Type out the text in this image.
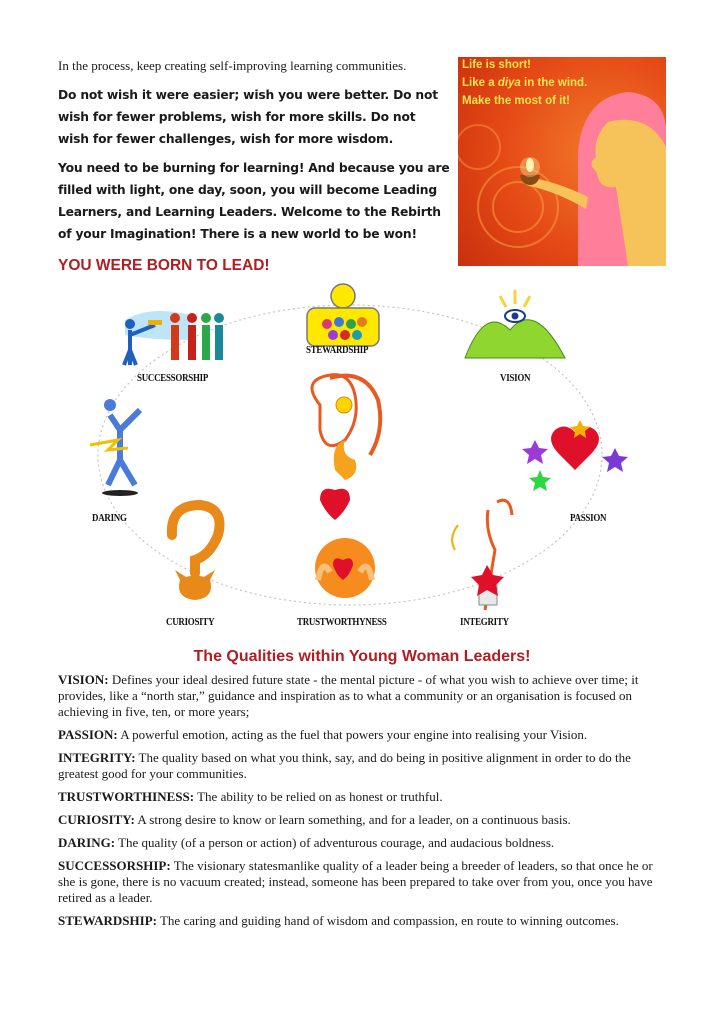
In the process, keep creating self-improving learning communities.
Do not wish it were easier; wish you were better. Do not wish for fewer problems, wish for more skills. Do not wish for fewer challenges, wish for more wisdom.
You need to be burning for learning! And because you are filled with light, one day, soon, you will become Leading Learners, and Learning Leaders. Welcome to the Rebirth of your Imagination! There is a new world to be won!
Life is short!
Like a diya in the wind.
Make the most of it!
YOU WERE BORN TO LEAD!
STEWARDSHIP
SUCCESSORSHIP	VISION
DARING	PASSION
CURIOSITY	TRUSTWORTHYNESS	INTEGRITY
The Qualities within Young Woman Leaders!

VISION: Defines your ideal desired future state - the mental picture - of what you wish to achieve over time; it provides, like a “north star,” guidance and inspiration as to what a community or an organisation is focused on achieving in five, ten, or more years;

PASSION: A powerful emotion, acting as the fuel that powers your engine into realising your Vision.

INTEGRITY: The quality based on what you think, say, and do being in positive alignment in order to do the greatest good for your communities.

TRUSTWORTHINESS: The ability to be relied on as honest or truthful.

CURIOSITY: A strong desire to know or learn something, and for a leader, on a continuous basis.

DARING: The quality (of a person or action) of adventurous courage, and audacious boldness.

SUCCESSORSHIP: The visionary statesmanlike quality of a leader being a breeder of leaders, so that once he or she is gone, there is no vacuum created; instead, someone has been prepared to take over from you, once you have retired as a leader.

STEWARDSHIP: The caring and guiding hand of wisdom and compassion, en route to winning outcomes.
